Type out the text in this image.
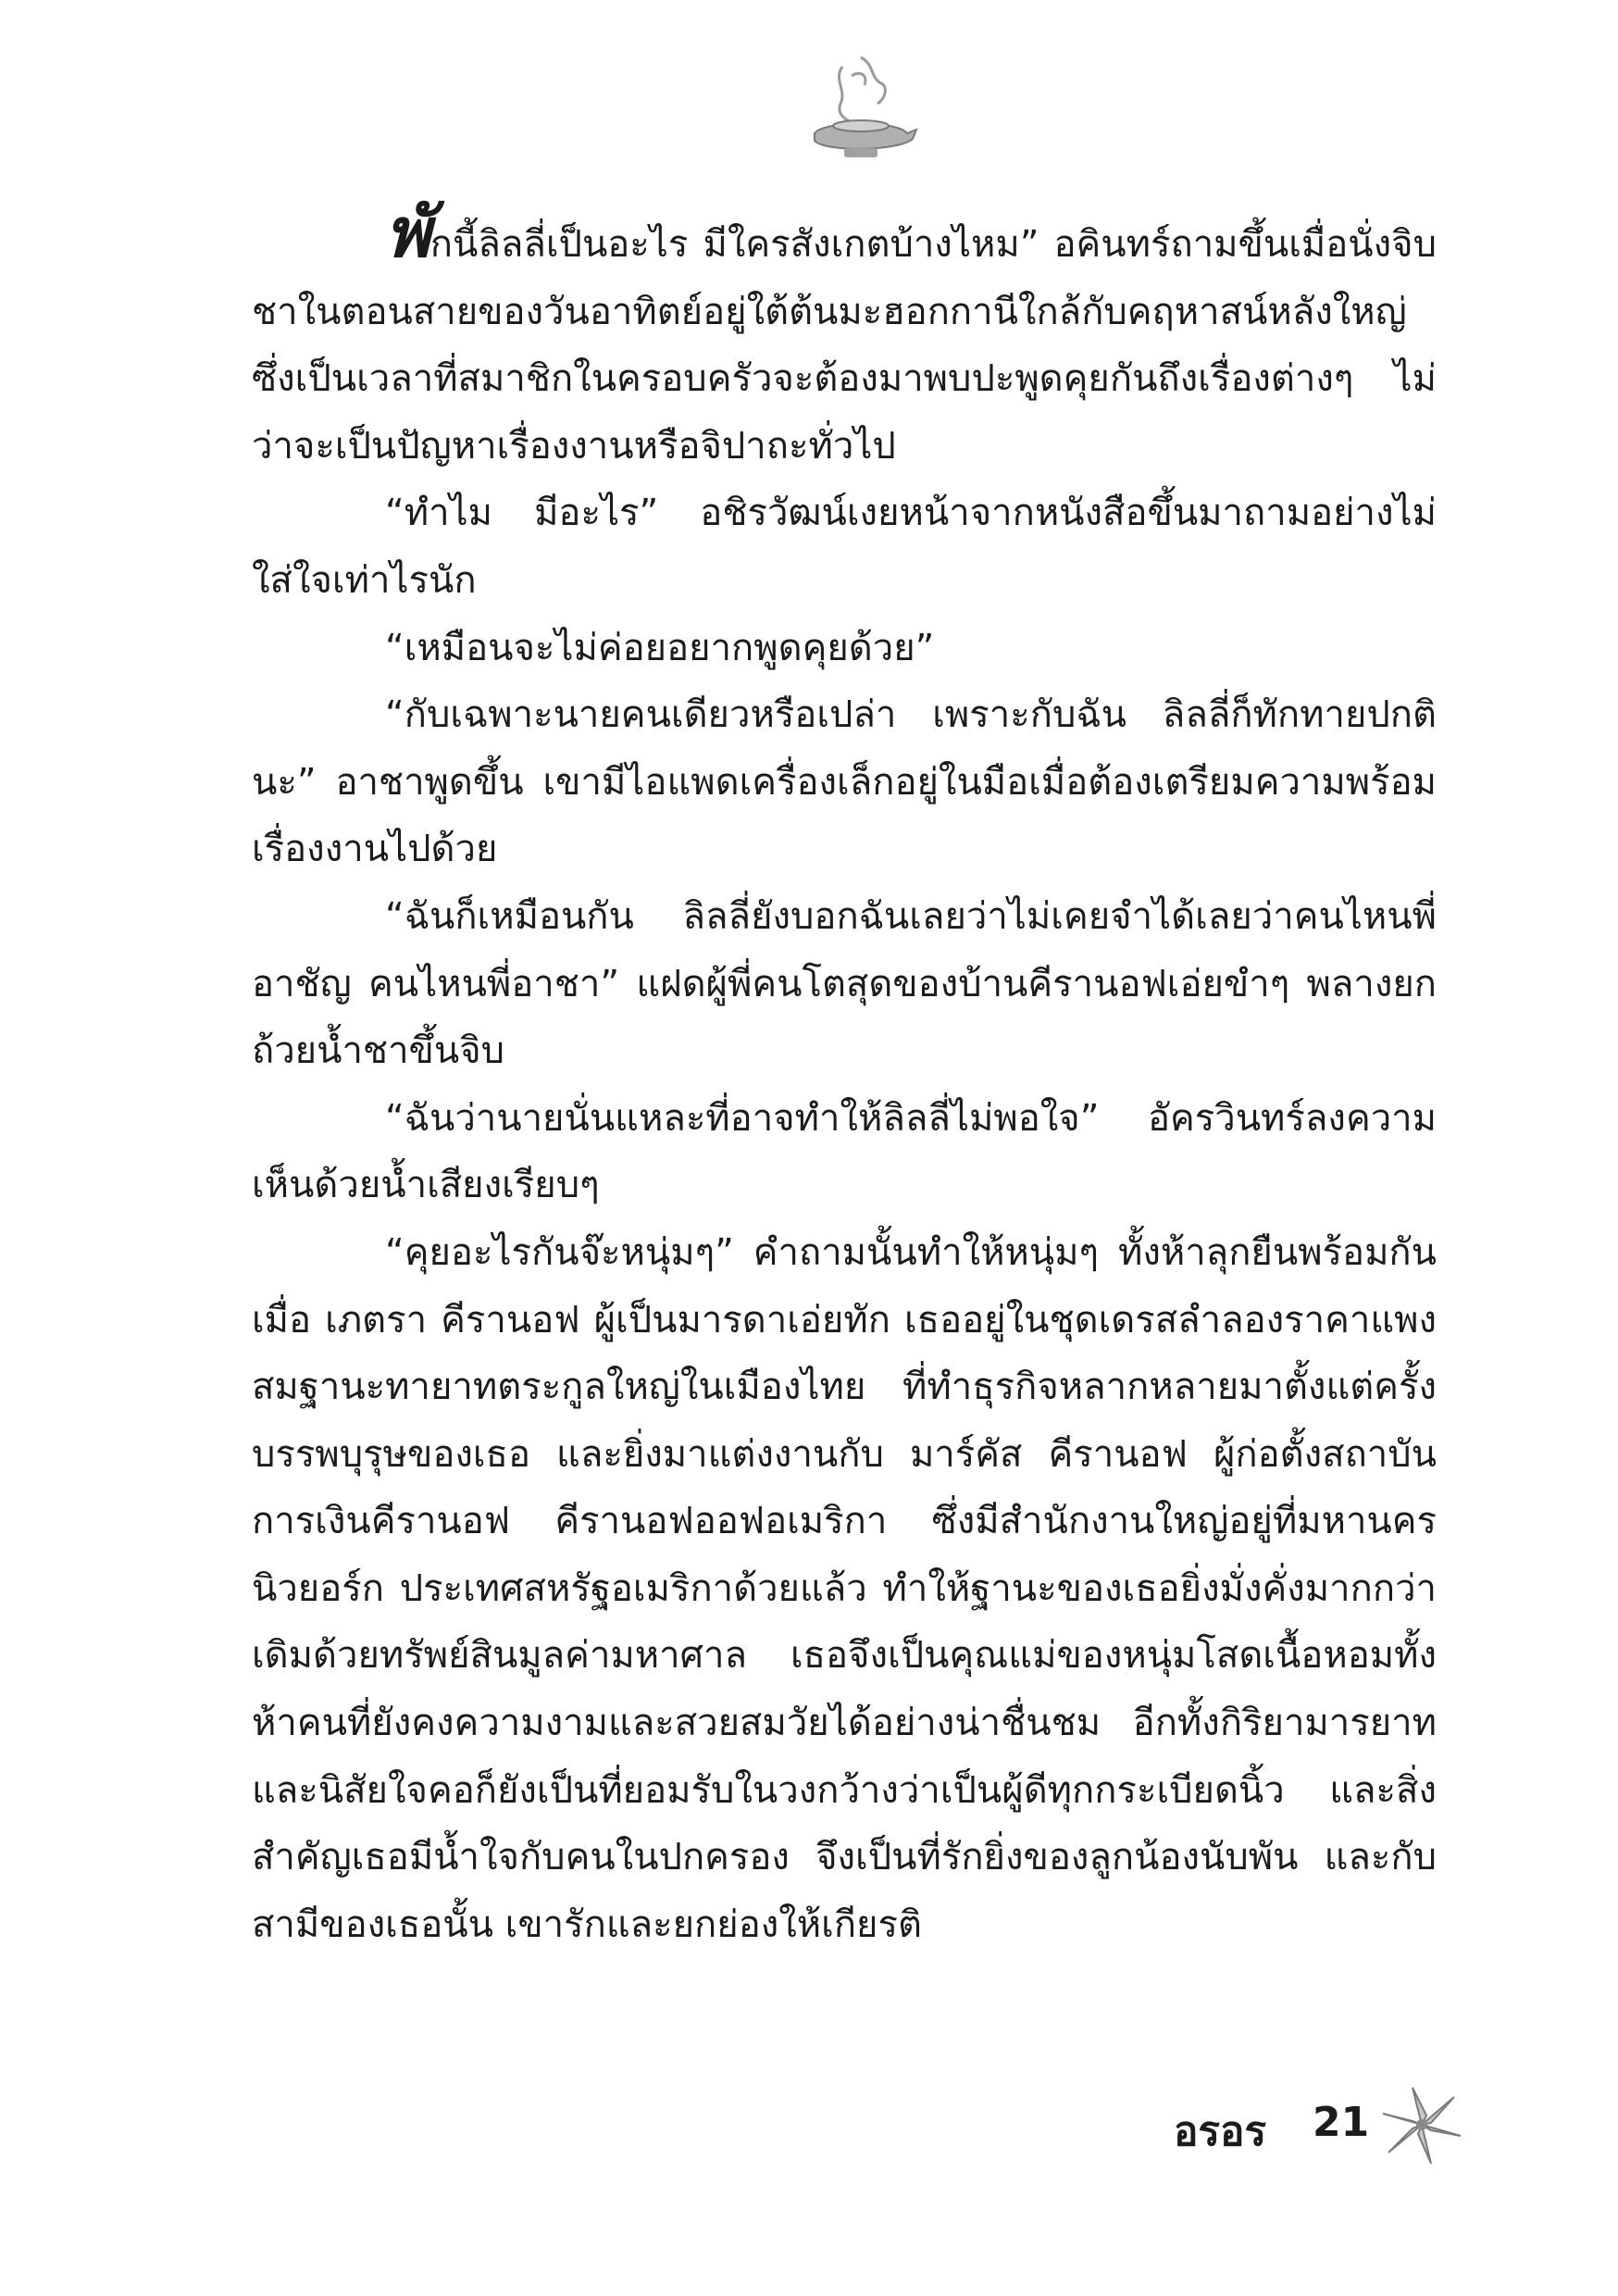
พักนี้ลิลลี่เป็นอะไร มีใครสังเกตบ้างไหม” อคินทร์ถามขึ้นเมื่อนั่งจิบชาในตอนสายของวันอาทิตย์อยู่ใต้ต้นมะฮอกกานีใกล้กับคฤหาสน์หลังใหญ่ ซึ่งเป็นเวลาที่สมาชิกในครอบครัวจะต้องมาพบปะพูดคุยกันถึงเรื่องต่างๆ ไม่ว่าจะเป็นปัญหาเรื่องงานหรือจิปาถะทั่วไป

“ทำไม มีอะไร” อชิรวัฒน์เงยหน้าจากหนังสือขึ้นมาถามอย่างไม่ใส่ใจเท่าไรนัก

“เหมือนจะไม่ค่อยอยากพูดคุยด้วย”

“กับเฉพาะนายคนเดียวหรือเปล่า เพราะกับฉัน ลิลลี่ก็ทักทายปกตินะ” อาชาพูดขึ้น เขามีไอแพดเครื่องเล็กอยู่ในมือเมื่อต้องเตรียมความพร้อมเรื่องงานไปด้วย

“ฉันก็เหมือนกัน ลิลลี่ยังบอกฉันเลยว่าไม่เคยจำได้เลยว่าคนไหนพี่อาชัญ คนไหนพี่อาชา” แฝดผู้พี่คนโตสุดของบ้านคีรานอฟเอ่ยขำๆ พลางยกถ้วยน้ำชาขึ้นจิบ

“ฉันว่านายนั่นแหละที่อาจทำให้ลิลลี่ไม่พอใจ” อัครวินทร์ลงความเห็นด้วยน้ำเสียงเรียบๆ

“คุยอะไรกันจ๊ะหนุ่มๆ” คำถามนั้นทำให้หนุ่มๆ ทั้งห้าลุกยืนพร้อมกันเมื่อ เภตรา คีรานอฟ ผู้เป็นมารดาเอ่ยทัก เธออยู่ในชุดเดรสลำลองราคาแพงสมฐานะทายาทตระกูลใหญ่ในเมืองไทย ที่ทำธุรกิจหลากหลายมาตั้งแต่ครั้งบรรพบุรุษของเธอ และยิ่งมาแต่งงานกับ มาร์คัส คีรานอฟ ผู้ก่อตั้งสถาบันการเงินคีรานอฟ คีรานอฟออฟอเมริกา ซึ่งมีสำนักงานใหญ่อยู่ที่มหานครนิวยอร์ก ประเทศสหรัฐอเมริกาด้วยแล้ว ทำให้ฐานะของเธอยิ่งมั่งคั่งมากกว่าเดิมด้วยทรัพย์สินมูลค่ามหาศาล เธอจึงเป็นคุณแม่ของหนุ่มโสดเนื้อหอมทั้งห้าคนที่ยังคงความงามและสวยสมวัยได้อย่างน่าชื่นชม อีกทั้งกิริยามารยาทและนิสัยใจคอก็ยังเป็นที่ยอมรับในวงกว้างว่าเป็นผู้ดีทุกกระเบียดนิ้ว และสิ่งสำคัญเธอมีน้ำใจกับคนในปกครอง จึงเป็นที่รักยิ่งของลูกน้องนับพัน และกับสามีของเธอนั้น เขารักและยกย่องให้เกียรติ

อรอร 21
